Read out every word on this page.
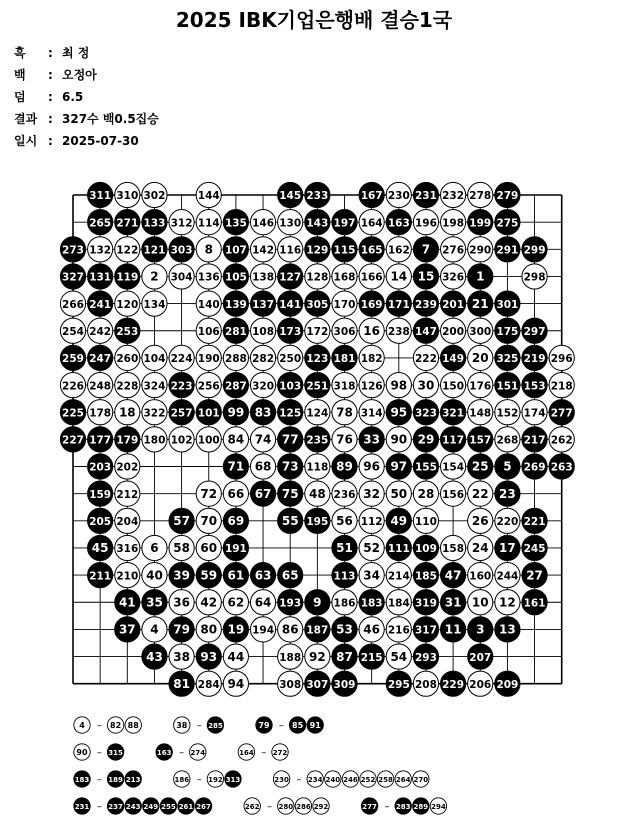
2025 IBK기업은행배 결승1국
흑 : 최 정
백 : 오정아
덤 : 6.5
결과 : 327수 백0.5집승
일시 : 2025-07-30
311 310 302	144	145 233	167 230 231 232 278 279
265 271 133 312 114 135 146 130 143 197 164 163 196 198 199 275
273 132 122 121 303 8 107 142 116 129 115 165 162 7 276 290 291 299
327 131 119 2 304 136 105 138 127 128 168 166 14 15 326 1	298
266 241 120 134	140 139 137 141 305 170 169 171 239 201 21 301
254 242 253	106 281 108 173 172 306 16 238 147 200 300 175 297
259 247 260 104 224 190 288 282 250 123 181 182	222 149 20 325 219 296
226 248 228 324 223 256 287 320 103 251 318 126 98 30 150 176 151 153 218
225 178 18 322 257 101 99 83 125 124 78 314 95 323 321 148 152 174 277
227 177 179 180 102 100 84 74 77 235 76 33 90 29 117 157 268 217 262
203 202	71 68 73 118 89 96 97 155 154 25 5 269 263
159 212	72 66 67 75 48 236 32 50 28 156 22 23
205 204	57 70 69	55 195 56 112 49 110	26 220 221
45 316 6 58 60 191	51 52 111 109 158 24 17 245
211 210 40 39 59 61 63 65	113 34 214 185 47 160 244 27
41 35 36 42 62 64 193 9 186 183 184 319 31 10 12 161
37 4 79 80 19 194 86 187 53 46 216 317 11 3 13
43 38 93 44	188 92 87 215 54 293	207
81 284 94	308 307 309	295 208 229 206 209
4 – 82 88	38 – 285	79 – 85 91
90 – 315	163 – 274	164 – 272
183 – 189 213	186 – 192 313	230 – 234 240 246 252 258 264 270
231 – 237 243 249 255 261 267	262 – 280 286 292	277 – 283 289 294
